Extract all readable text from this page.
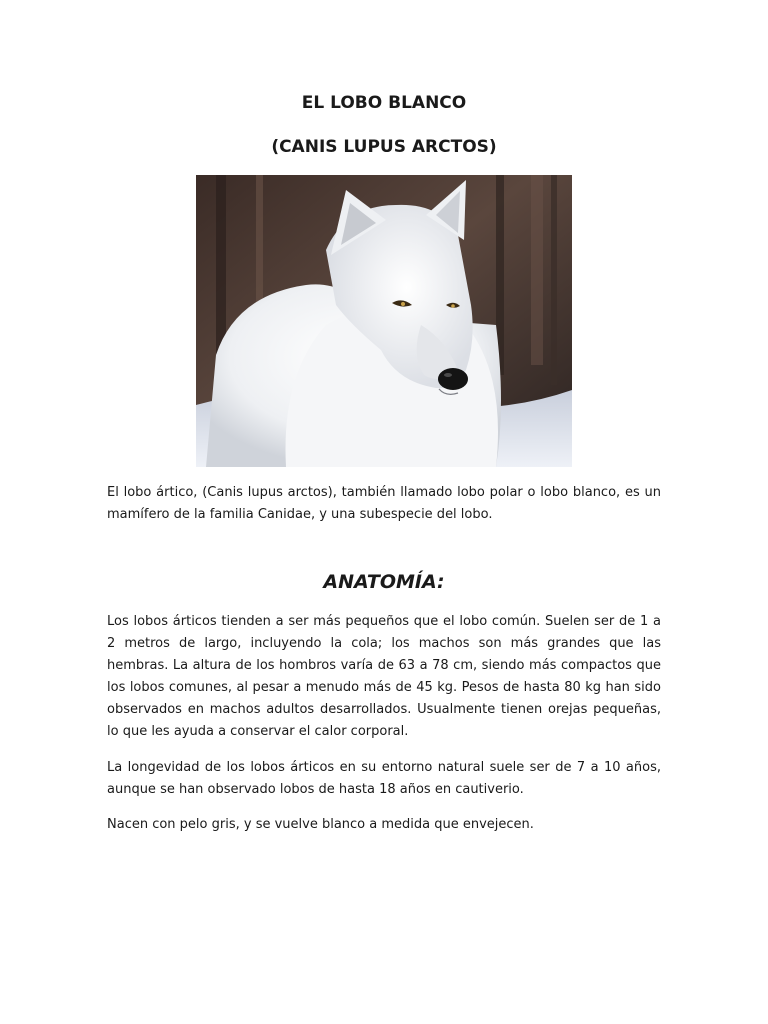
EL LOBO BLANCO
(CANIS LUPUS ARCTOS)

El lobo ártico, (Canis lupus arctos), también llamado lobo polar o lobo blanco, es un mamífero de la familia Canidae, y una subespecie del lobo.

ANATOMÍA:

Los lobos árticos tienden a ser más pequeños que el lobo común. Suelen ser de 1 a 2 metros de largo, incluyendo la cola; los machos son más grandes que las hembras. La altura de los hombros varía de 63 a 78 cm, siendo más compactos que los lobos comunes, al pesar a menudo más de 45 kg. Pesos de hasta 80 kg han sido observados en machos adultos desarrollados. Usualmente tienen orejas pequeñas, lo que les ayuda a conservar el calor corporal.

La longevidad de los lobos árticos en su entorno natural suele ser de 7 a 10 años, aunque se han observado lobos de hasta 18 años en cautiverio.

Nacen con pelo gris, y se vuelve blanco a medida que envejecen.
